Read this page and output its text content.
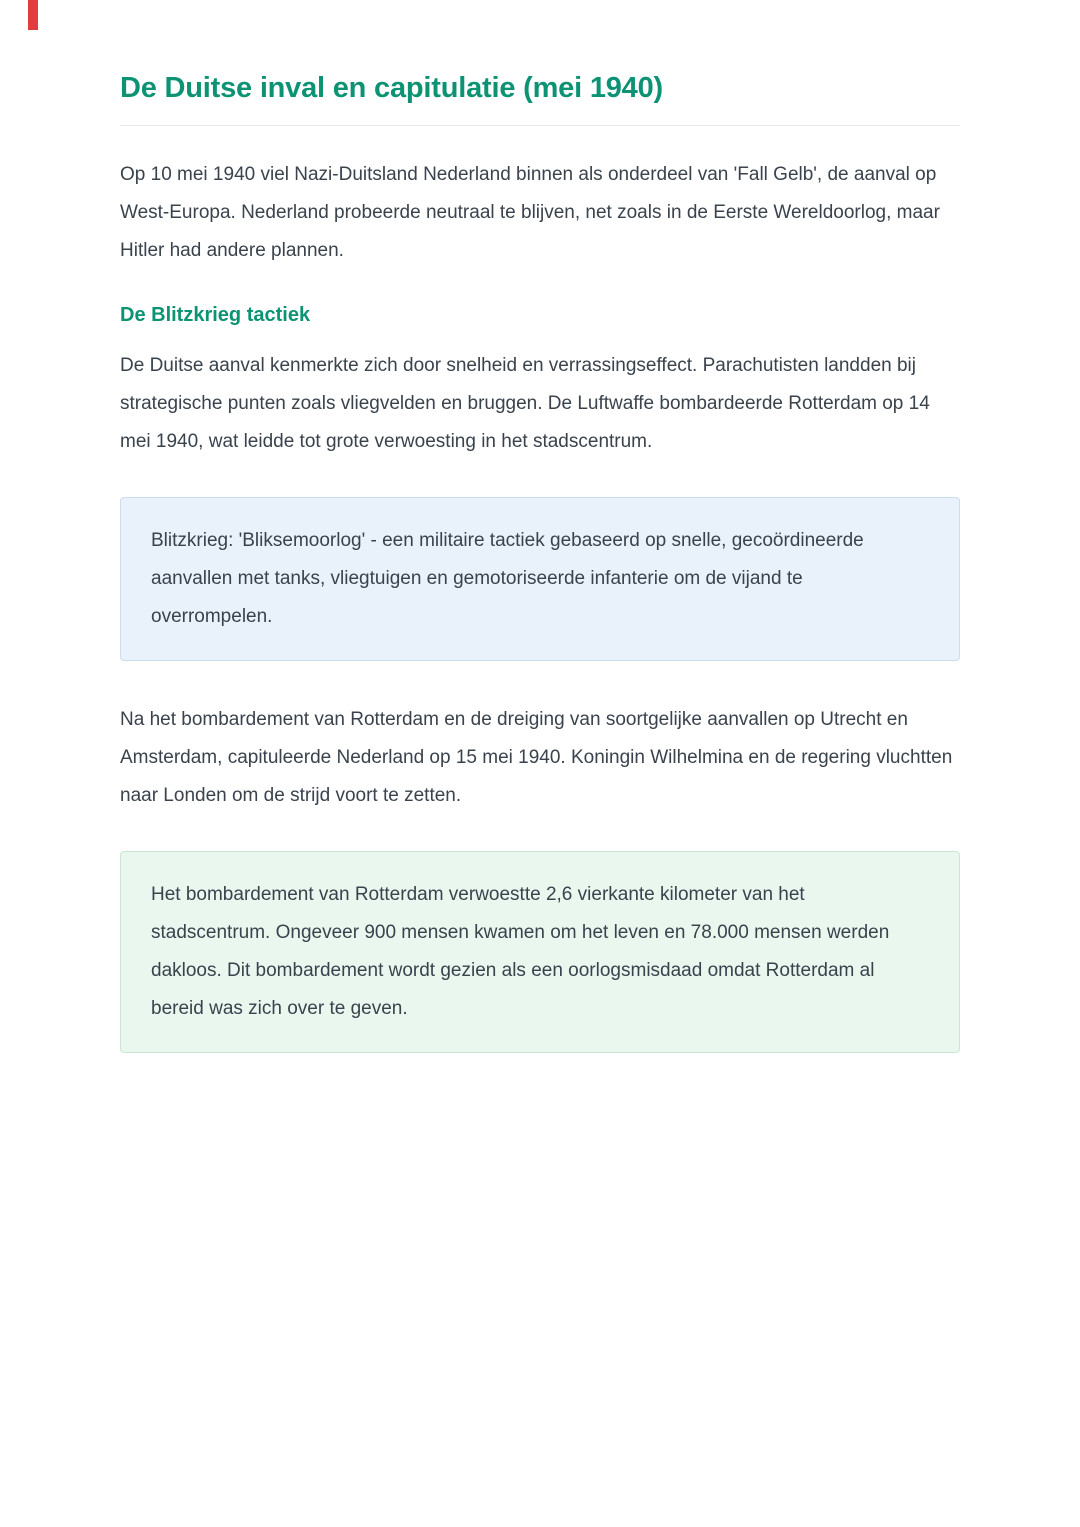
De Duitse inval en capitulatie (mei 1940)

Op 10 mei 1940 viel Nazi-Duitsland Nederland binnen als onderdeel van 'Fall Gelb', de aanval op West-Europa. Nederland probeerde neutraal te blijven, net zoals in de Eerste Wereldoorlog, maar Hitler had andere plannen.

De Blitzkrieg tactiek

De Duitse aanval kenmerkte zich door snelheid en verrassingseffect. Parachutisten landden bij strategische punten zoals vliegvelden en bruggen. De Luftwaffe bombardeerde Rotterdam op 14 mei 1940, wat leidde tot grote verwoesting in het stadscentrum.

Blitzkrieg: 'Bliksemoorlog' - een militaire tactiek gebaseerd op snelle, gecoördineerde aanvallen met tanks, vliegtuigen en gemotoriseerde infanterie om de vijand te overrompelen.

Na het bombardement van Rotterdam en de dreiging van soortgelijke aanvallen op Utrecht en Amsterdam, capituleerde Nederland op 15 mei 1940. Koningin Wilhelmina en de regering vluchtten naar Londen om de strijd voort te zetten.

Het bombardement van Rotterdam verwoestte 2,6 vierkante kilometer van het stadscentrum. Ongeveer 900 mensen kwamen om het leven en 78.000 mensen werden dakloos. Dit bombardement wordt gezien als een oorlogsmisdaad omdat Rotterdam al bereid was zich over te geven.
